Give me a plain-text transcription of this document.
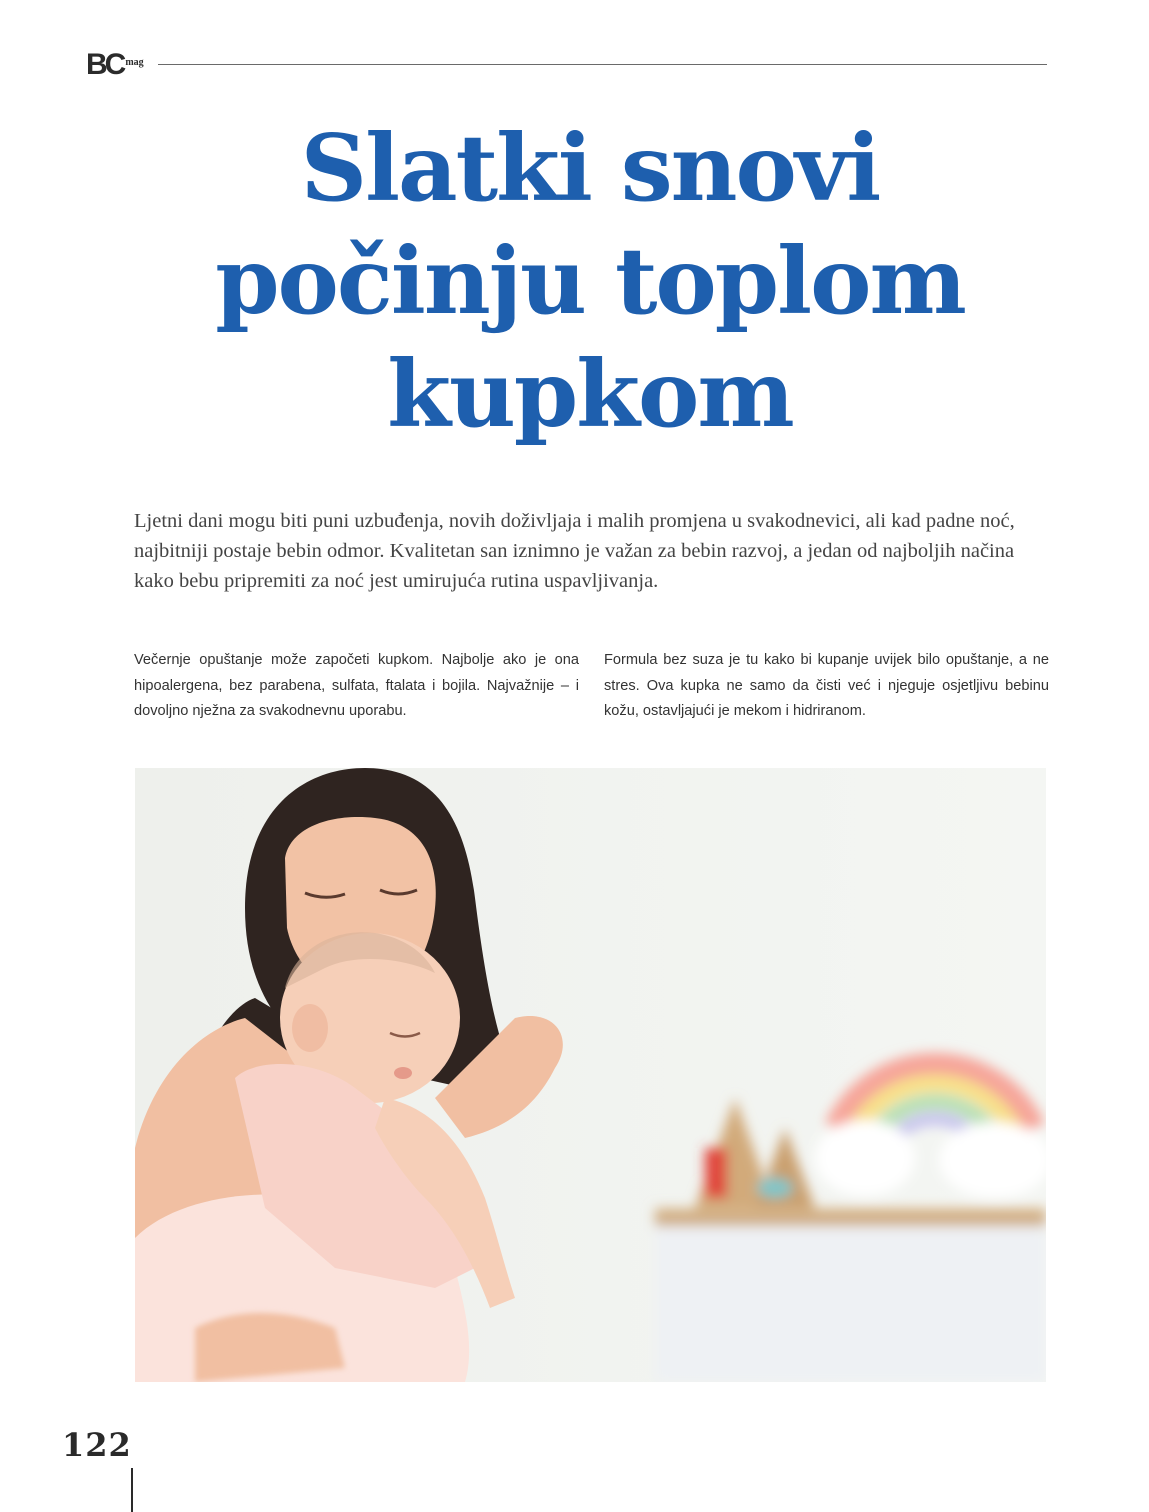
BC mag
Slatki snovi
počinju toplom
kupkom

Ljetni dani mogu biti puni uzbuđenja, novih doživljaja i malih promjena u svakodnevici, ali kad padne noć, najbitniji postaje bebin odmor. Kvalitetan san iznimno je važan za bebin razvoj, a jedan od najboljih načina kako bebu pripremiti za noć jest umirujuća rutina uspavljivanja.

Večernje opuštanje može započeti kupkom. Najbolje ako je ona hipoalergena, bez parabena, sulfata, ftalata i bojila. Najvažnije – i dovoljno nježna za svakodnevnu uporabu.

Formula bez suza je tu kako bi kupanje uvijek bilo opuštanje, a ne stres. Ova kupka ne samo da čisti već i njeguje osjetljivu bebinu kožu, ostavljajući je mekom i hidriranom.

122
